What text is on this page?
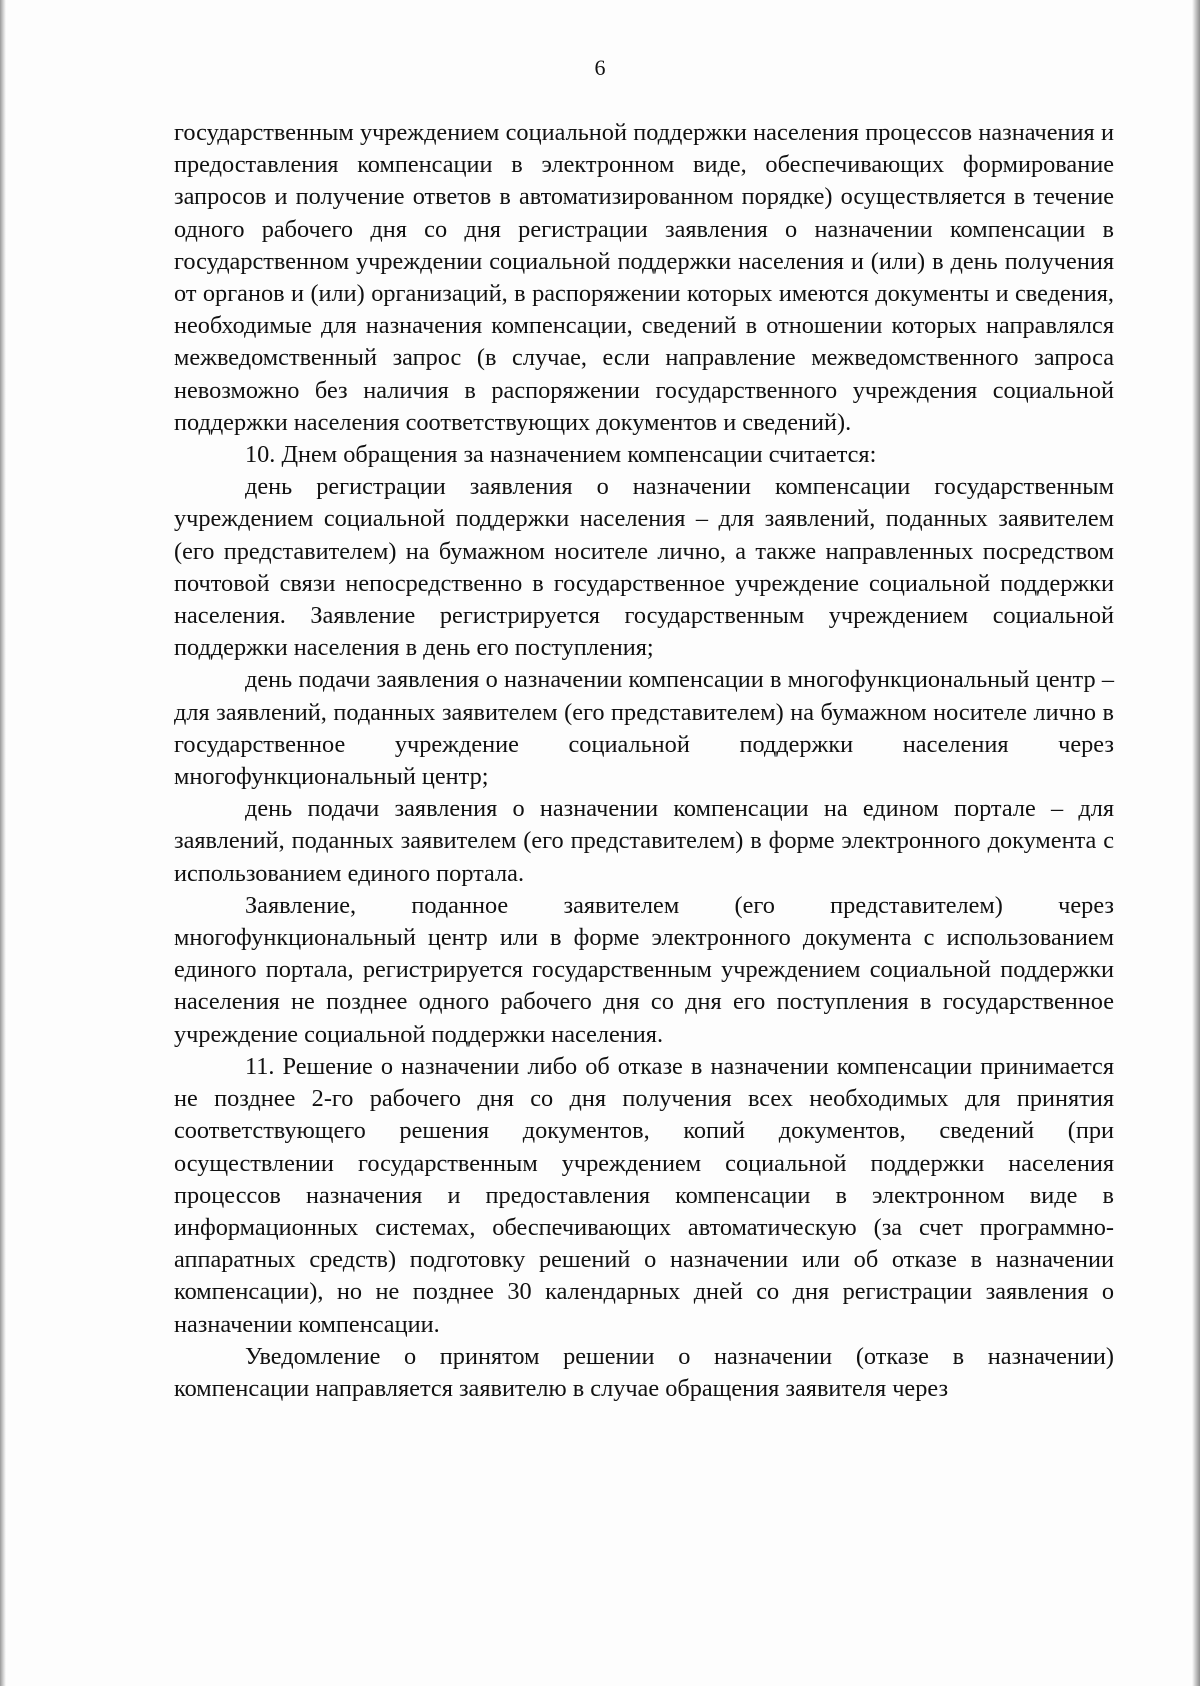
6

государственным учреждением социальной поддержки населения процессов назначения и предоставления компенсации в электронном виде, обеспечивающих формирование запросов и получение ответов в автоматизированном порядке) осуществляется в течение одного рабочего дня со дня регистрации заявления о назначении компенсации в государственном учреждении социальной поддержки населения и (или) в день получения от органов и (или) организаций, в распоряжении которых имеются документы и сведения, необходимые для назначения компенсации, сведений в отношении которых направлялся межведомственный запрос (в случае, если направление межведомственного запроса невозможно без наличия в распоряжении государственного учреждения социальной поддержки населения соответствующих документов и сведений).

10. Днем обращения за назначением компенсации считается:

день регистрации заявления о назначении компенсации государственным учреждением социальной поддержки населения – для заявлений, поданных заявителем (его представителем) на бумажном носителе лично, а также направленных посредством почтовой связи непосредственно в государственное учреждение социальной поддержки населения. Заявление регистрируется государственным учреждением социальной поддержки населения в день его поступления;

день подачи заявления о назначении компенсации в многофункциональный центр – для заявлений, поданных заявителем (его представителем) на бумажном носителе лично в государственное учреждение социальной поддержки населения через многофункциональный центр;

день подачи заявления о назначении компенсации на едином портале – для заявлений, поданных заявителем (его представителем) в форме электронного документа с использованием единого портала.

Заявление, поданное заявителем (его представителем) через многофункциональный центр или в форме электронного документа с использованием единого портала, регистрируется государственным учреждением социальной поддержки населения не позднее одного рабочего дня со дня его поступления в государственное учреждение социальной поддержки населения.

11. Решение о назначении либо об отказе в назначении компенсации принимается не позднее 2-го рабочего дня со дня получения всех необходимых для принятия соответствующего решения документов, копий документов, сведений (при осуществлении государственным учреждением социальной поддержки населения процессов назначения и предоставления компенсации в электронном виде в информационных системах, обеспечивающих автоматическую (за счет программно-аппаратных средств) подготовку решений о назначении или об отказе в назначении компенсации), но не позднее 30 календарных дней со дня регистрации заявления о назначении компенсации.

Уведомление о принятом решении о назначении (отказе в назначении) компенсации направляется заявителю в случае обращения заявителя через
